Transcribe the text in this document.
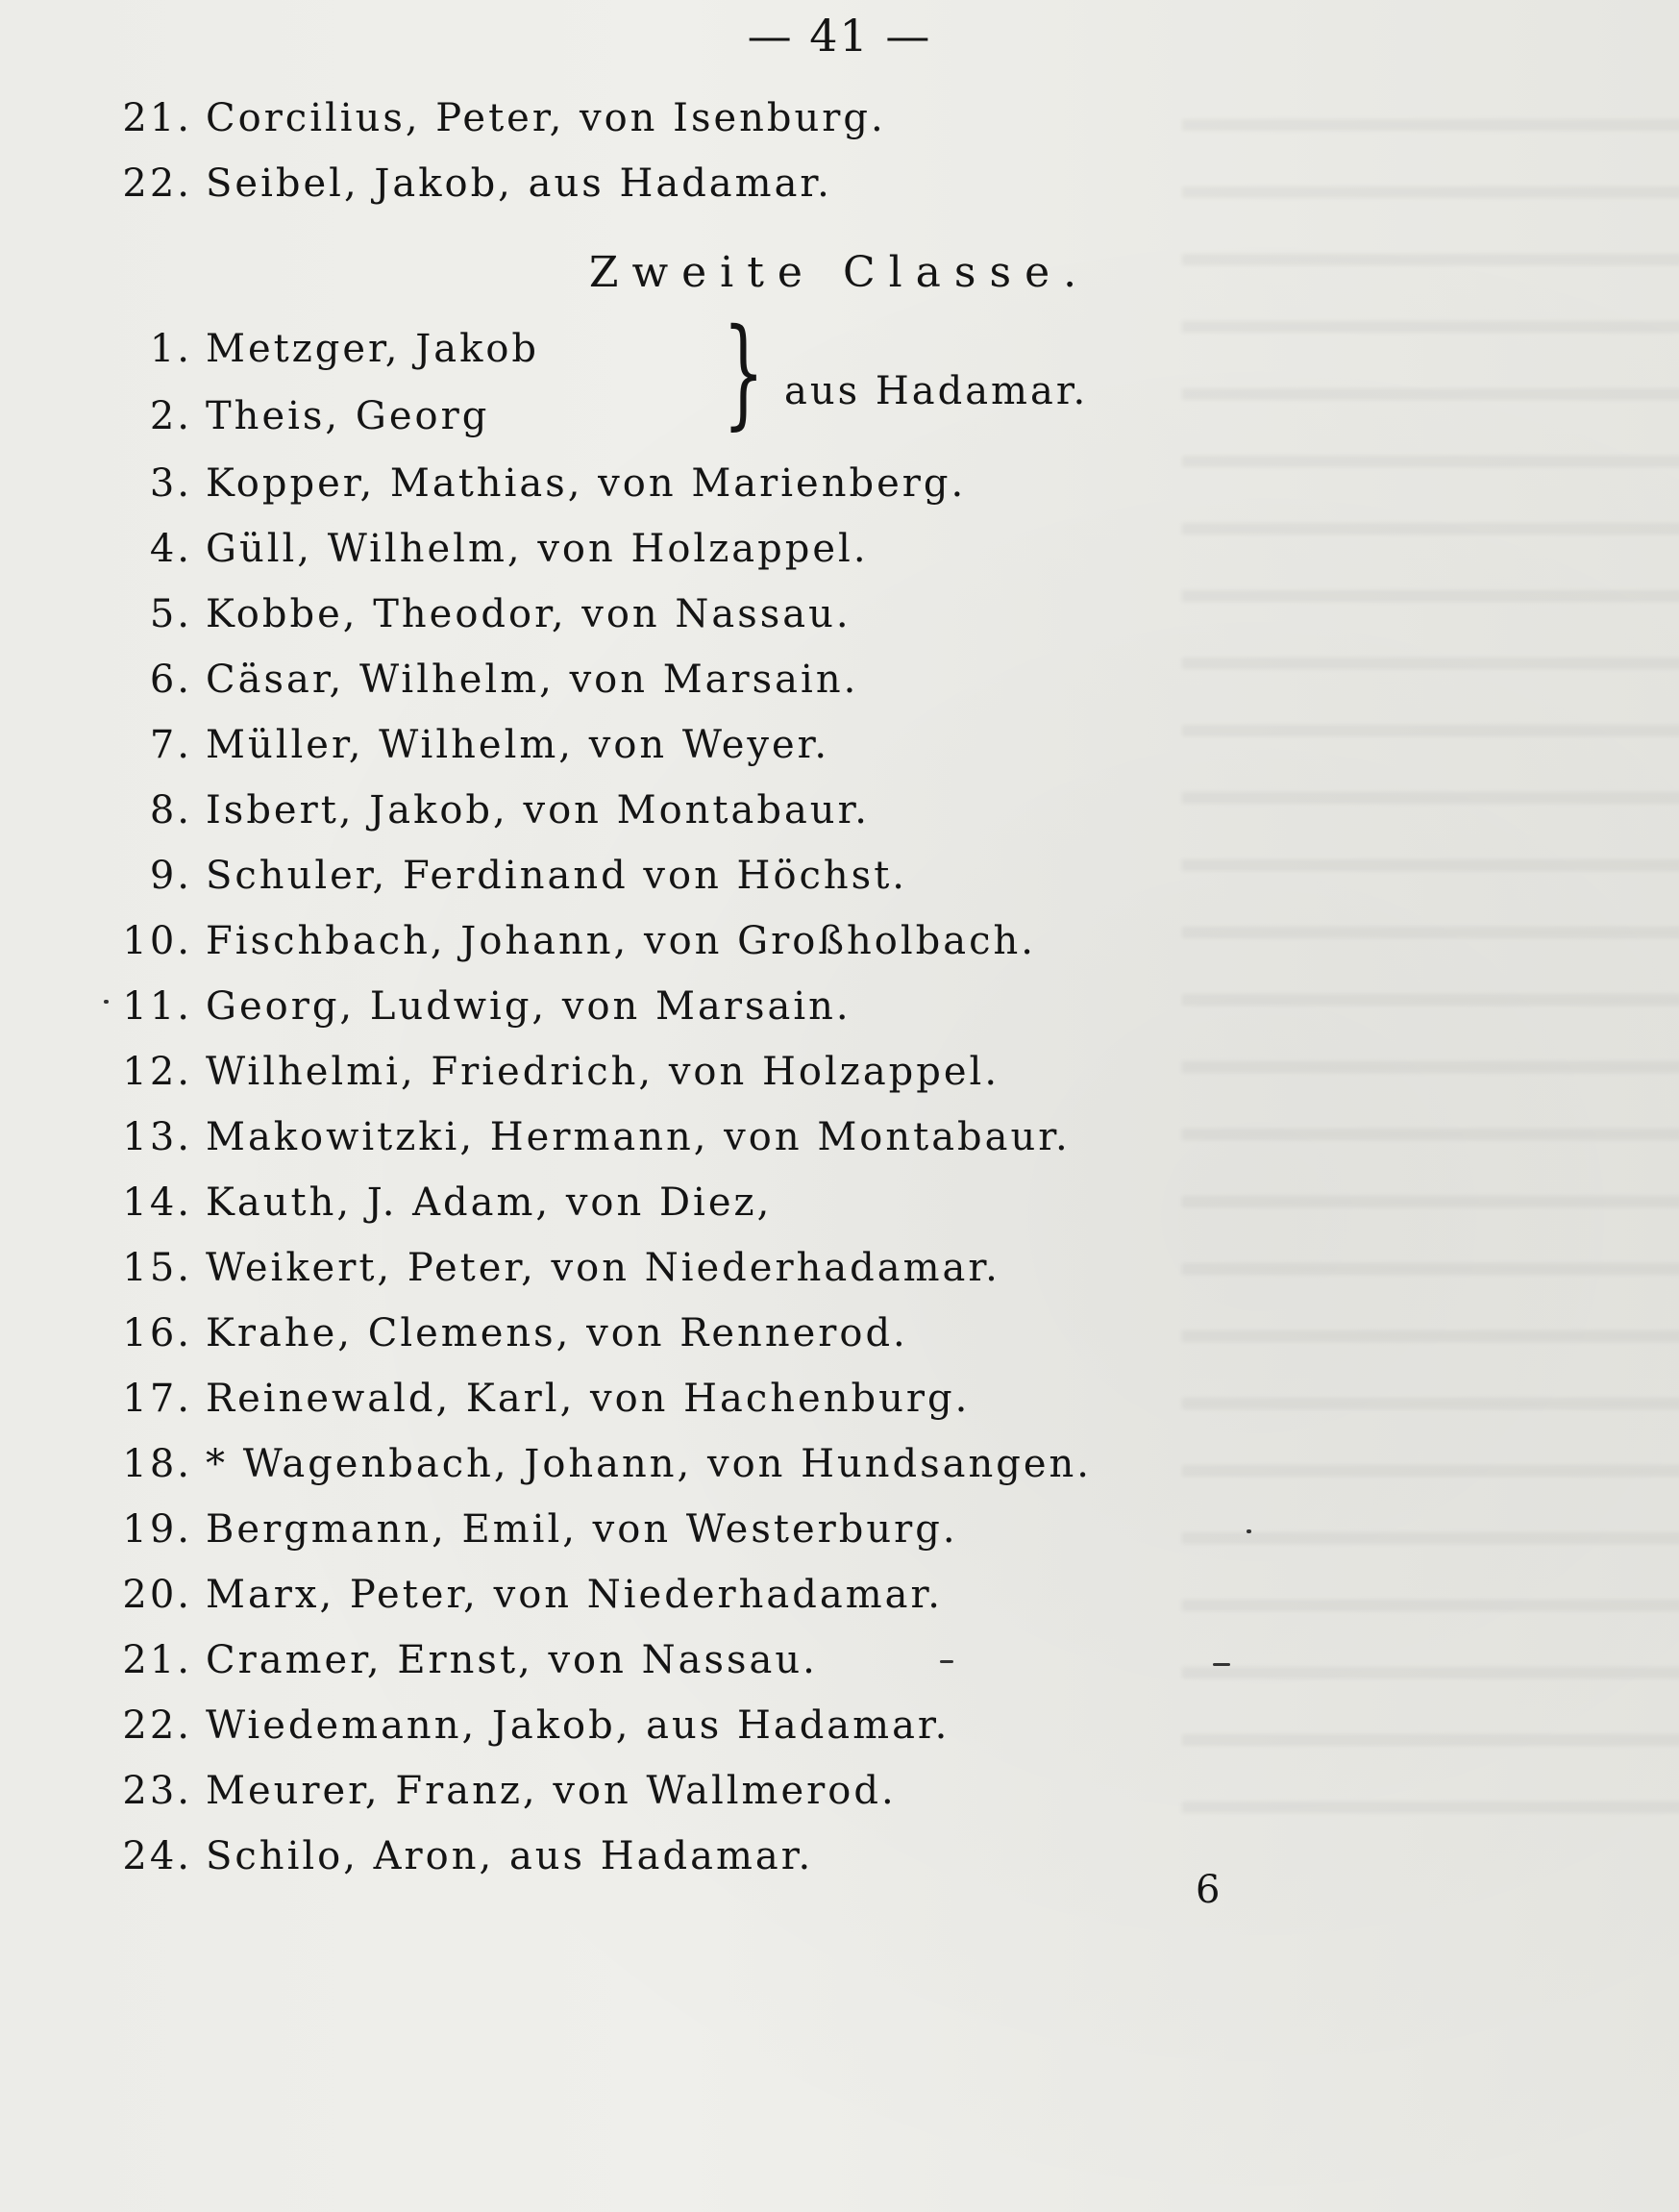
— 41 —
21. Corcilius, Peter, von Isenburg.
22. Seibel, Jakob, aus Hadamar.
Zweite Classe.
1. Metzger, Jakob
2. Theis, Georg } aus Hadamar.
3. Kopper, Mathias, von Marienberg.
4. Güll, Wilhelm, von Holzappel.
5. Kobbe, Theodor, von Nassau.
6. Cäsar, Wilhelm, von Marsain.
7. Müller, Wilhelm, von Weyer.
8. Isbert, Jakob, von Montabaur.
9. Schuler, Ferdinand von Höchst.
10. Fischbach, Johann, von Großholbach.
11. Georg, Ludwig, von Marsain.
12. Wilhelmi, Friedrich, von Holzappel.
13. Makowitzki, Hermann, von Montabaur.
14. Kauth, J. Adam, von Diez,
15. Weikert, Peter, von Niederhadamar.
16. Krahe, Clemens, von Rennerod.
17. Reinewald, Karl, von Hachenburg.
18. * Wagenbach, Johann, von Hundsangen.
19. Bergmann, Emil, von Westerburg.
20. Marx, Peter, von Niederhadamar.
21. Cramer, Ernst, von Nassau.
22. Wiedemann, Jakob, aus Hadamar.
23. Meurer, Franz, von Wallmerod.
24. Schilo, Aron, aus Hadamar.
6
